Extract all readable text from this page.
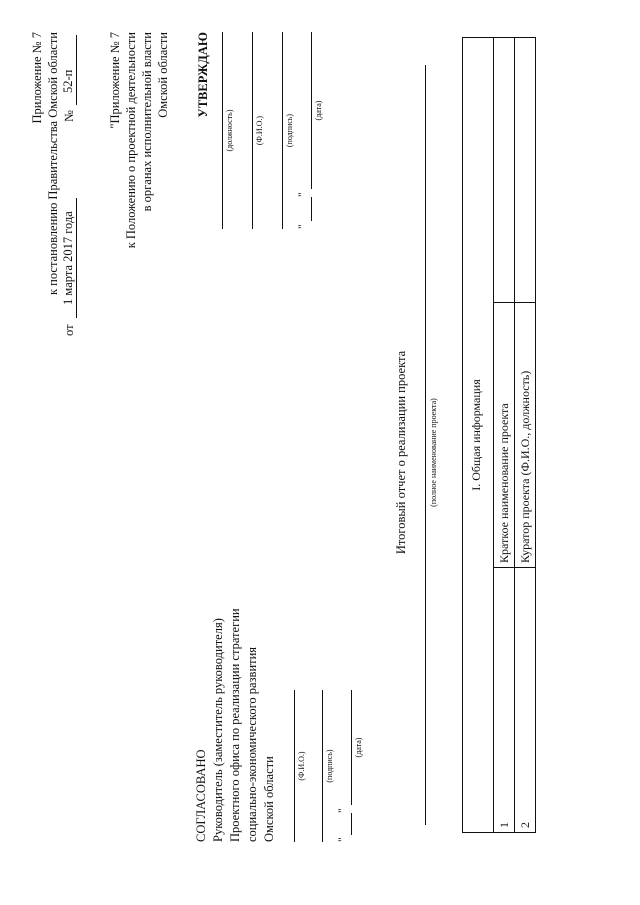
Приложение № 7 к постановлению Правительства Омской области
от
1 марта 2017 года
№
52-п	"Приложение № 7 к Положению о проектной деятельности в органах исполнительной власти Омской области УТВЕРЖДАЮ
(должность)	(Ф.И.О.)	(подпись)
"
"
(дата)
СОГЛАСОВАНО Руководитель (заместитель руководителя) Проектного офиса по реализации стратегии социально-экономического развития Омской области	(Ф.И.О.) (подпись)
"
"
(дата)
Итоговый отчет о реализации проекта	(полное наименование проекта)	I. Общая информация		
1	Краткое наименование проекта	
2	Куратор проекта (Ф.И.О., должность)	
